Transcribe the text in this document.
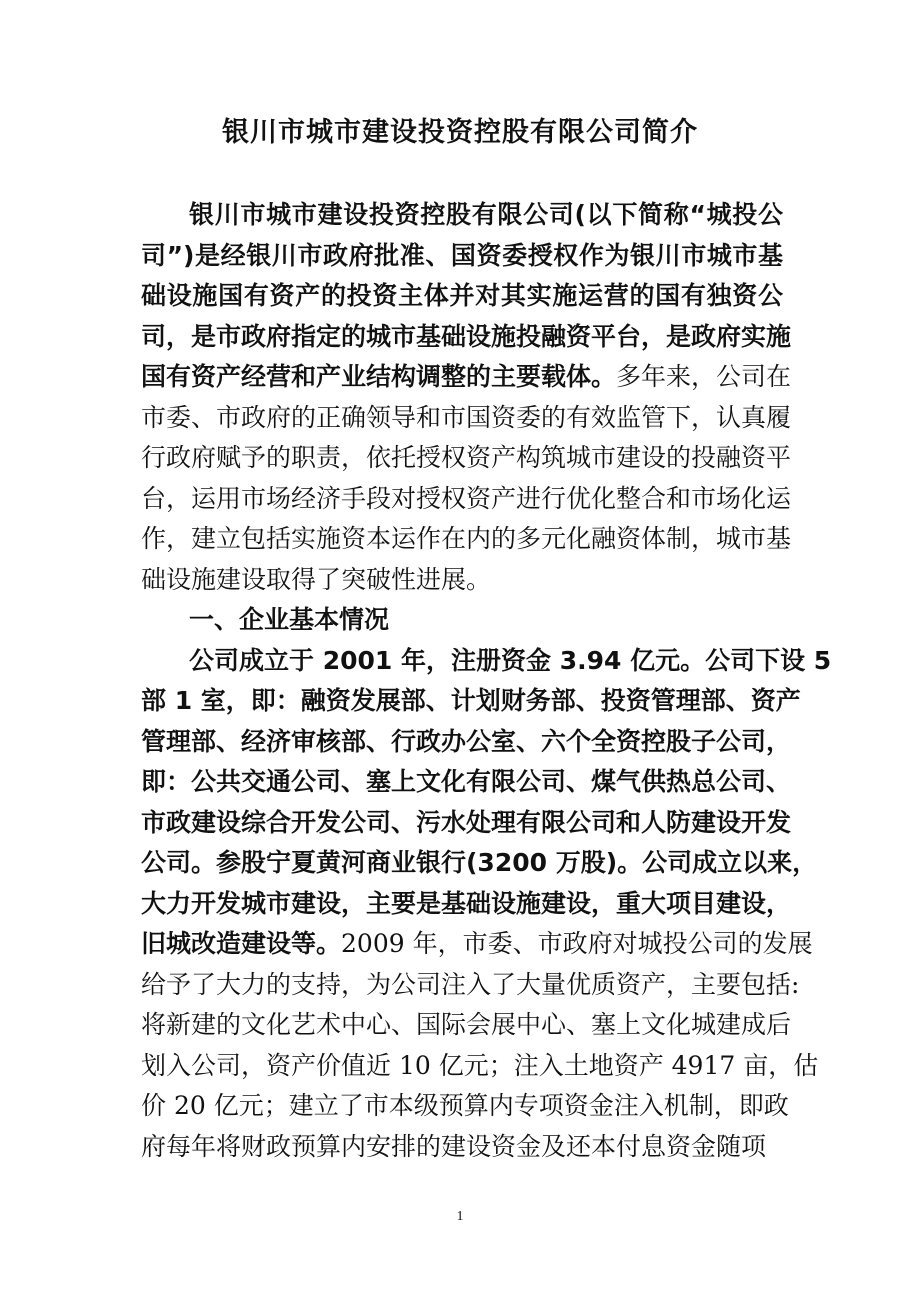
银川市城市建设投资控股有限公司简介
银川市城市建设投资控股有限公司(以下简称“城投公
司”)是经银川市政府批准、国资委授权作为银川市城市基
础设施国有资产的投资主体并对其实施运营的国有独资公
司，是市政府指定的城市基础设施投融资平台，是政府实施
国有资产经营和产业结构调整的主要载体。多年来，公司在
市委、市政府的正确领导和市国资委的有效监管下，认真履
行政府赋予的职责，依托授权资产构筑城市建设的投融资平
台，运用市场经济手段对授权资产进行优化整合和市场化运
作，建立包括实施资本运作在内的多元化融资体制，城市基
础设施建设取得了突破性进展。
一、企业基本情况
公司成立于 2001 年，注册资金 3.94 亿元。公司下设 5
部 1 室，即：融资发展部、计划财务部、投资管理部、资产
管理部、经济审核部、行政办公室、六个全资控股子公司，
即：公共交通公司、塞上文化有限公司、煤气供热总公司、
市政建设综合开发公司、污水处理有限公司和人防建设开发
公司。参股宁夏黄河商业银行(3200 万股)。公司成立以来，
大力开发城市建设，主要是基础设施建设，重大项目建设，
旧城改造建设等。2009 年，市委、市政府对城投公司的发展
给予了大力的支持，为公司注入了大量优质资产，主要包括:
将新建的文化艺术中心、国际会展中心、塞上文化城建成后
划入公司，资产价值近 10 亿元；注入土地资产 4917 亩，估
价 20 亿元；建立了市本级预算内专项资金注入机制，即政
府每年将财政预算内安排的建设资金及还本付息资金随项
1
